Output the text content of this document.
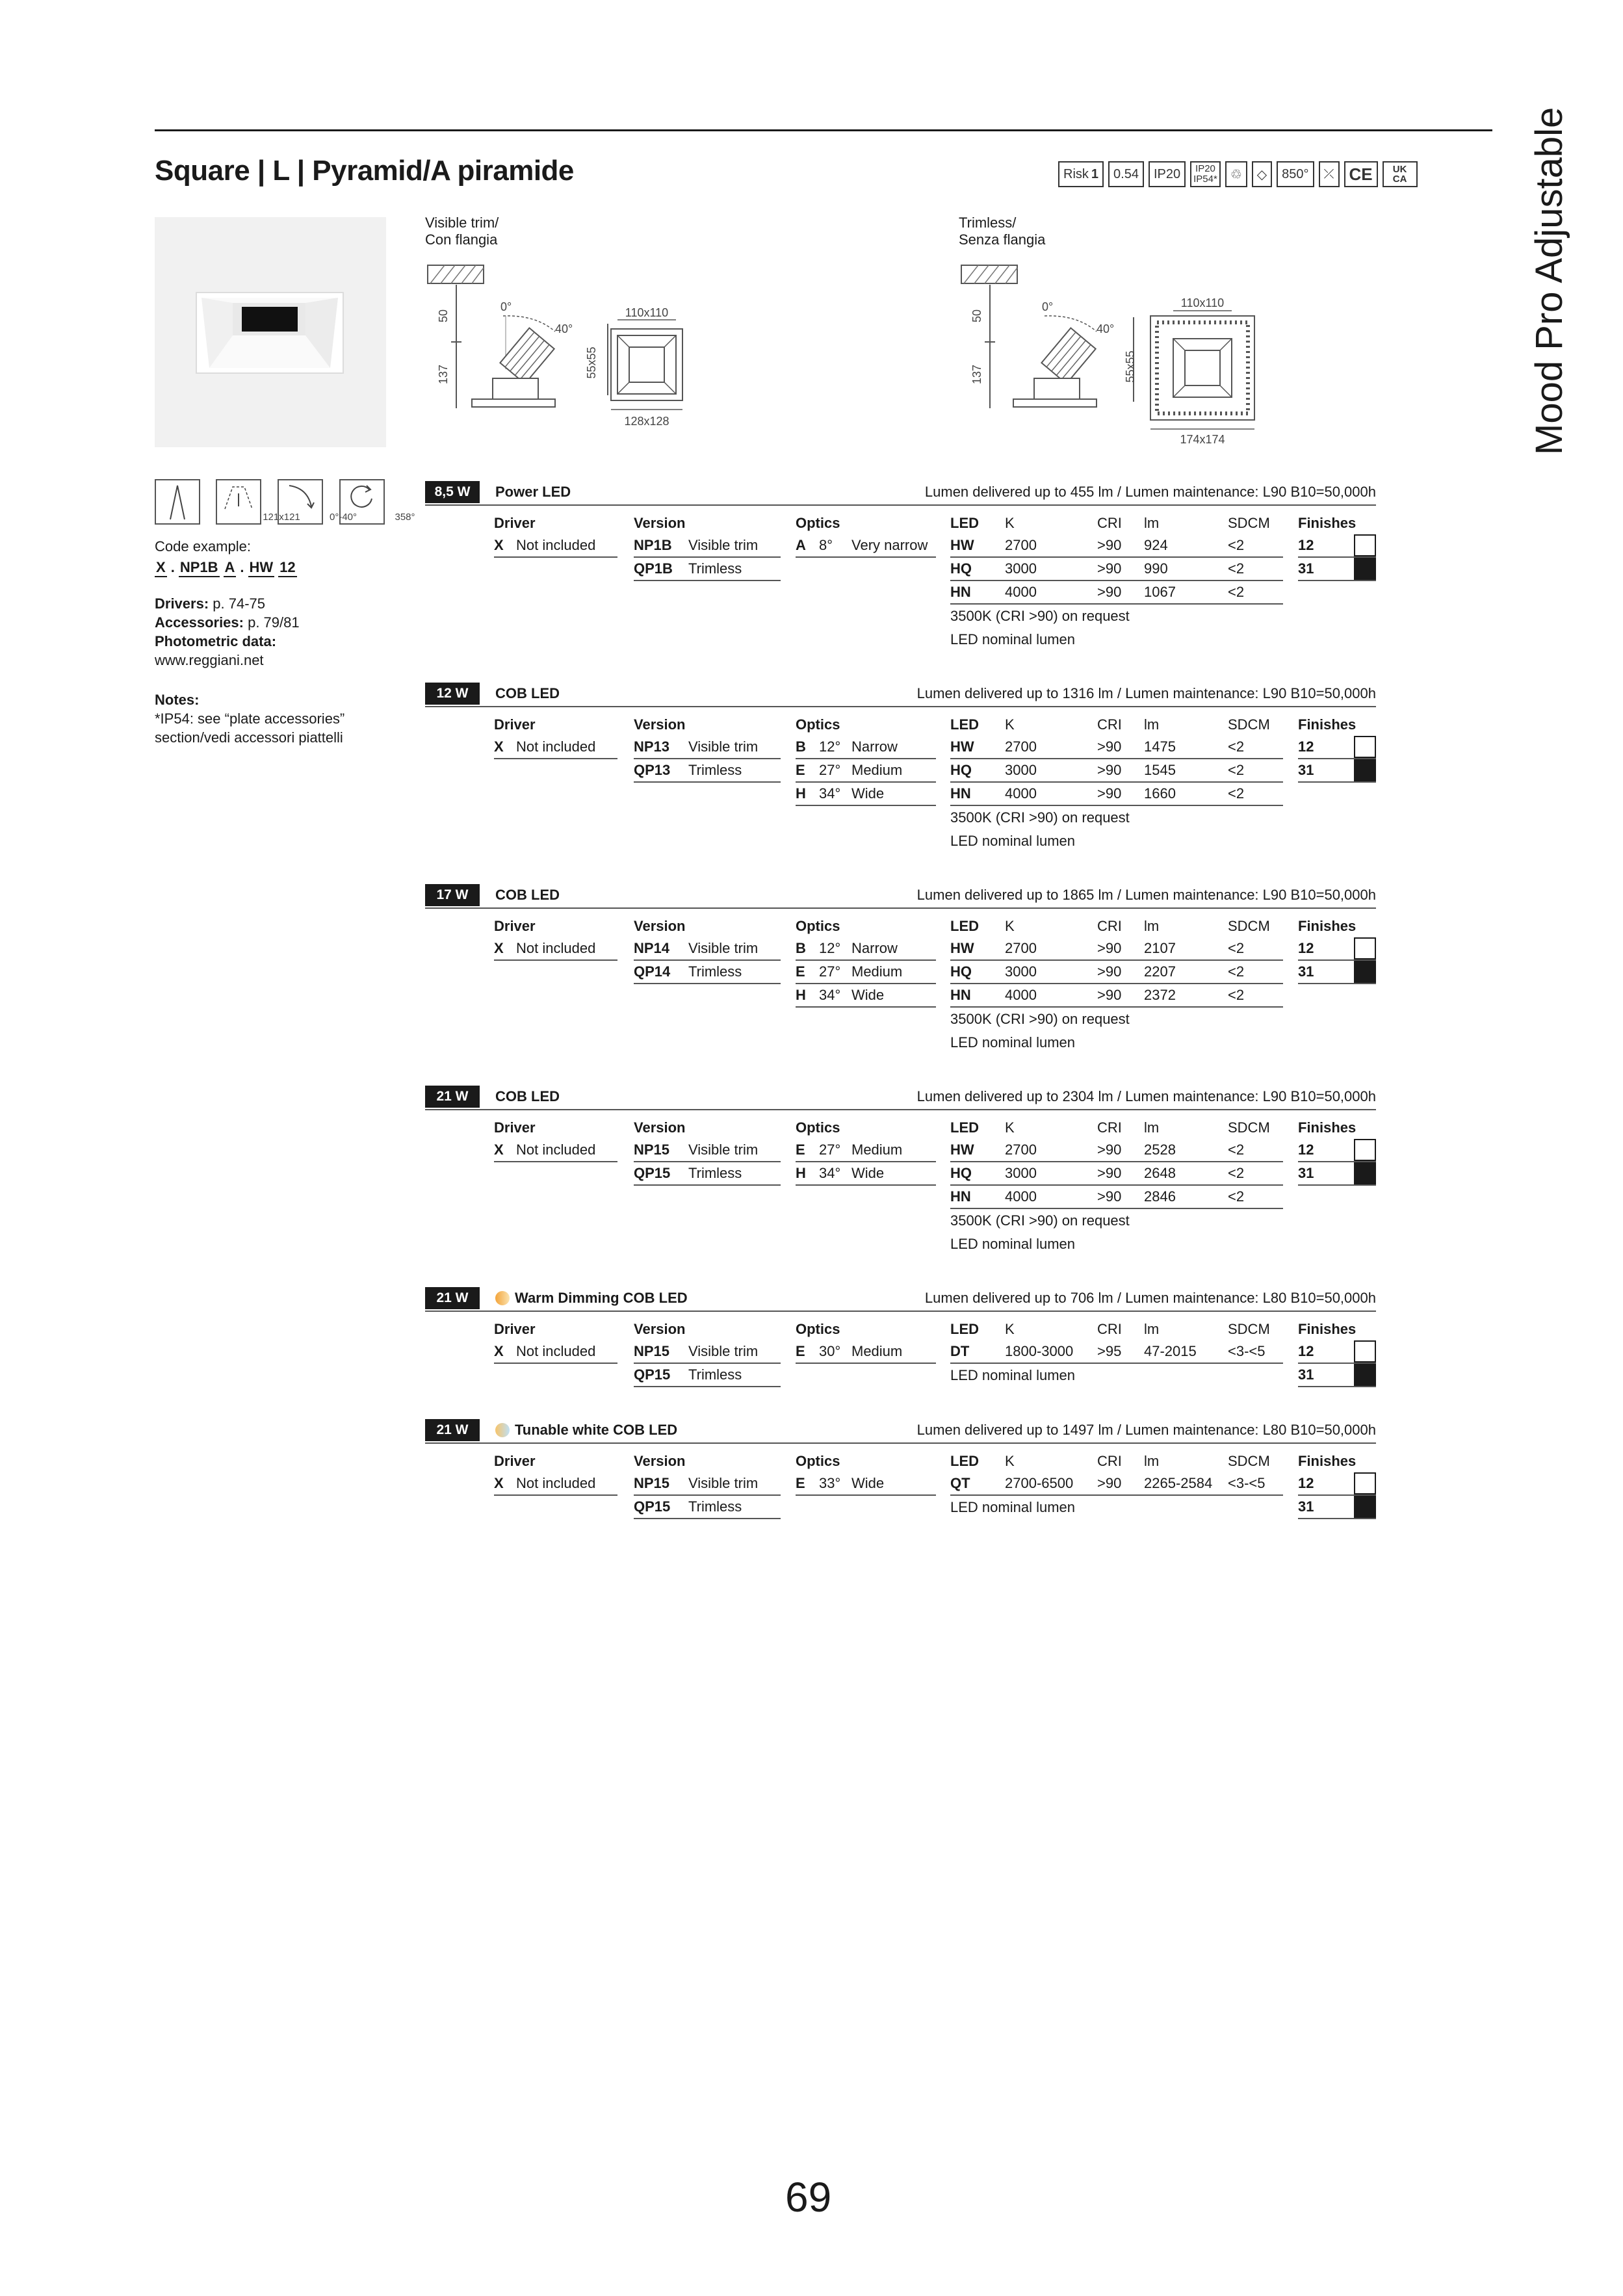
Square | L | Pyramid/A piramide	Mood Pro Adjustable
Risk 1 0.54 IP20 IP20
IP54* ♲ ◇ 850° ⤫ CE	UK CA
Visible trim/
Con flangia
50
137
0°
40°
55x55
110x110
128x128
Trimless/
Senza flangia
50
137
0°
40°
55x55
110x110
174x174
121x121	0°-40°	358°
Code example:
X . NP1B A . HW 12
Drivers: p. 74-75
Accessories: p. 79/81
Photometric data:
www.reggiani.net
Notes:
*IP54: see “plate accessories” section/vedi accessori piattelli
8,5 W	Power LED	Lumen delivered up to 455 lm / Lumen maintenance: L90 B10=50,000h
Driver
X Not included
Version
NP1B	Visible trim
QP1B	Trimless
Optics
A 8°	Very narrow
LED	K	CRI	lm	SDCM
HW	2700	>90	924	<2
HQ	3000	>90	990	<2
HN	4000	>90	1067	<2
3500K (CRI >90) on request
LED nominal lumen
Finishes
12
31
12 W	COB LED	Lumen delivered up to 1316 lm / Lumen maintenance: L90 B10=50,000h
Driver
X Not included
Version
NP13	Visible trim
QP13	Trimless
Optics
B 12° Narrow
E 27° Medium
H 34° Wide
LED	K	CRI	lm	SDCM
HW	2700	>90	1475	<2
HQ	3000	>90	1545	<2
HN	4000	>90	1660	<2
3500K (CRI >90) on request
LED nominal lumen
Finishes
12
31
17 W	COB LED	Lumen delivered up to 1865 lm / Lumen maintenance: L90 B10=50,000h
Driver
X Not included
Version
NP14	Visible trim
QP14	Trimless
Optics
B 12° Narrow
E 27° Medium
H 34° Wide
LED	K	CRI	lm	SDCM
HW	2700	>90	2107	<2
HQ	3000	>90	2207	<2
HN	4000	>90	2372	<2
3500K (CRI >90) on request
LED nominal lumen
Finishes
12
31
21 W	COB LED	Lumen delivered up to 2304 lm / Lumen maintenance: L90 B10=50,000h
Driver
X Not included
Version
NP15	Visible trim
QP15	Trimless
Optics
E 27° Medium
H 34° Wide
LED	K	CRI	lm	SDCM
HW	2700	>90	2528	<2
HQ	3000	>90	2648	<2
HN	4000	>90	2846	<2
3500K (CRI >90) on request
LED nominal lumen
Finishes
12
31
21 W	Warm Dimming COB LED	Lumen delivered up to 706 lm / Lumen maintenance: L80 B10=50,000h
Driver
X Not included
Version
NP15	Visible trim
QP15	Trimless
Optics
E 30° Medium
LED	K	CRI	lm	SDCM
DT	1800-3000	>95	47-2015	<3-<5
LED nominal lumen
Finishes
12
31
21 W	Tunable white COB LED	Lumen delivered up to 1497 lm / Lumen maintenance: L80 B10=50,000h
Driver
X Not included
Version
NP15	Visible trim
QP15	Trimless
Optics
E 33° Wide
LED	K	CRI	lm	SDCM
QT	2700-6500	>90	2265-2584	<3-<5
LED nominal lumen
Finishes
12
31
69
